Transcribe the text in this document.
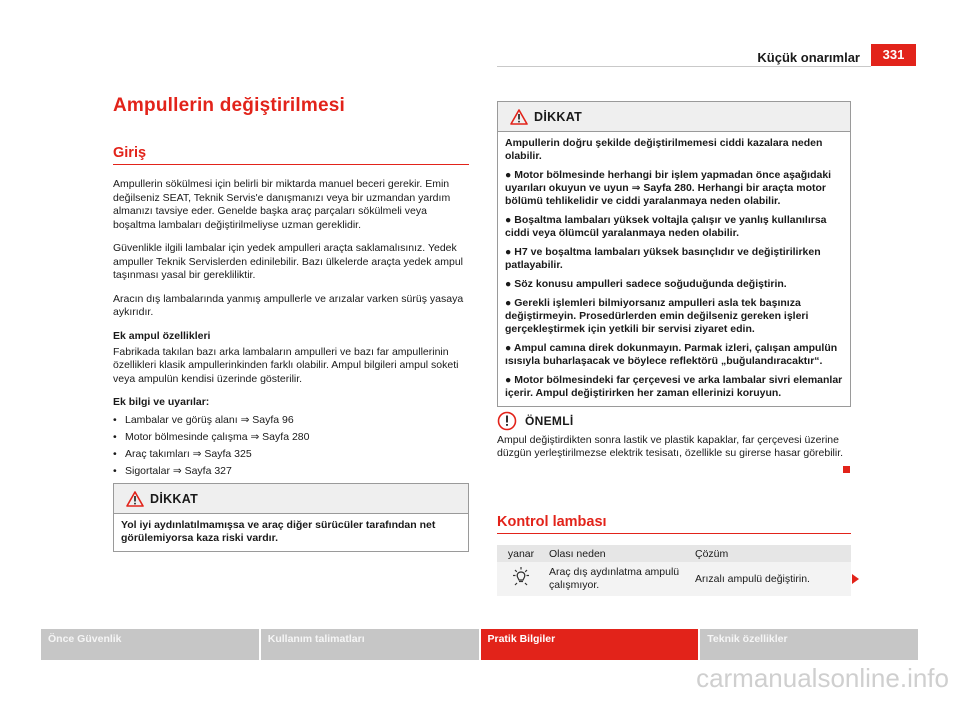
Küçük onarımlar	331
Ampullerin değiştirilmesi
Giriş

Ampullerin sökülmesi için belirli bir miktarda manuel beceri gerekir. Emin değilseniz SEAT, Teknik Servis'e danışmanızı veya bir uzmandan yardım almanızı tavsiye eder. Genelde başka araç parçaları sökülmeli veya boşaltma lambaları değiştirilmeliyse uzman gereklidir.

Güvenlikle ilgili lambalar için yedek ampulleri araçta saklamalısınız. Yedek ampuller Teknik Servislerden edinilebilir. Bazı ülkelerde araçta yedek ampul taşınması yasal bir gerekliliktir.

Aracın dış lambalarında yanmış ampullerle ve arızalar varken sürüş yasaya aykırıdır.

Ek ampul özellikleri

Fabrikada takılan bazı arka lambaların ampulleri ve bazı far ampullerinin özellikleri klasik ampullerinkinden farklı olabilir. Ampul bilgileri ampul soketi veya ampulün kendisi üzerinde gösterilir.

Ek bilgi ve uyarılar:
• Lambalar ve görüş alanı ⇒ Sayfa 96
• Motor bölmesinde çalışma ⇒ Sayfa 280
• Araç takımları ⇒ Sayfa 325
• Sigortalar ⇒ Sayfa 327
DİKKAT
Yol iyi aydınlatılmamışsa ve araç diğer sürücüler tarafından net görülemiyorsa kaza riski vardır.
DİKKAT
Ampullerin doğru şekilde değiştirilmemesi ciddi kazalara neden olabilir.
● Motor bölmesinde herhangi bir işlem yapmadan önce aşağıdaki uyarıları okuyun ve uyun ⇒ Sayfa 280. Herhangi bir araçta motor bölümü tehlikelidir ve ciddi yaralanmaya neden olabilir.
● Boşaltma lambaları yüksek voltajla çalışır ve yanlış kullanılırsa ciddi veya ölümcül yaralanmaya neden olabilir.
● H7 ve boşaltma lambaları yüksek basınçlıdır ve değiştirilirken patlayabilir.
● Söz konusu ampulleri sadece soğuduğunda değiştirin.
● Gerekli işlemleri bilmiyorsanız ampulleri asla tek başınıza değiştirmeyin. Prosedürlerden emin değilseniz gereken işleri gerçekleştirmek için yetkili bir servisi ziyaret edin.
● Ampul camına direk dokunmayın. Parmak izleri, çalışan ampulün ısısıyla buharlaşacak ve böylece reflektörü „buğulandıracaktır“.
● Motor bölmesindeki far çerçevesi ve arka lambalar sivri elemanlar içerir. Ampul değiştirirken her zaman ellerinizi koruyun.
ÖNEMLİ
Ampul değiştirdikten sonra lastik ve plastik kapaklar, far çerçevesi üzerine düzgün yerleştirilmezse elektrik tesisatı, özellikle su girerse hasar görebilir.
Kontrol lambası
yanar	Olası neden	Çözüm
	Araç dış aydınlatma ampulü çalışmıyor.	Arızalı ampulü değiştirin.
Önce Güvenlik	Kullanım talimatları	Pratik Bilgiler	Teknik özellikler
carmanualsonline.info
